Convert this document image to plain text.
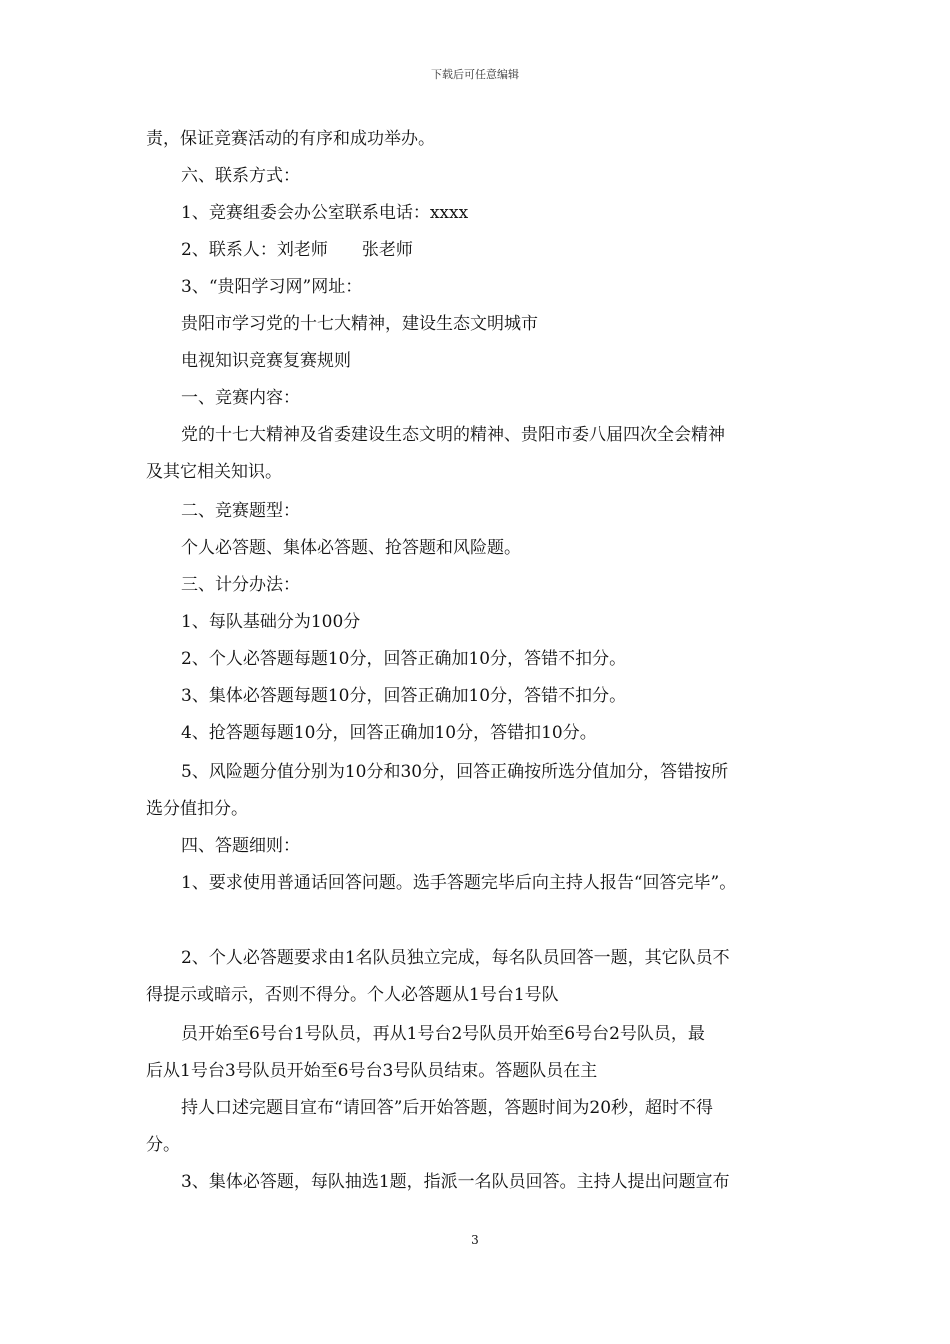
下载后可任意编辑
责，保证竞赛活动的有序和成功举办。
六、联系方式：
1、竞赛组委会办公室联系电话：xxxx
2、联系人：刘老师　　张老师
3、“贵阳学习网”网址：
贵阳市学习党的十七大精神，建设生态文明城市
电视知识竞赛复赛规则
一、竞赛内容：
党的十七大精神及省委建设生态文明的精神、贵阳市委八届四次全会精神
及其它相关知识。
二、竞赛题型：
个人必答题、集体必答题、抢答题和风险题。
三、计分办法：
1、每队基础分为100分
2、个人必答题每题10分，回答正确加10分，答错不扣分。
3、集体必答题每题10分，回答正确加10分，答错不扣分。
4、抢答题每题10分，回答正确加10分，答错扣10分。
5、风险题分值分别为10分和30分，回答正确按所选分值加分，答错按所
选分值扣分。
四、答题细则：
1、要求使用普通话回答问题。选手答题完毕后向主持人报告“回答完毕”。
2、个人必答题要求由1名队员独立完成，每名队员回答一题，其它队员不
得提示或暗示，否则不得分。个人必答题从1号台1号队
员开始至6号台1号队员，再从1号台2号队员开始至6号台2号队员，最
后从1号台3号队员开始至6号台3号队员结束。答题队员在主
持人口述完题目宣布“请回答”后开始答题，答题时间为20秒，超时不得
分。
3、集体必答题，每队抽选1题，指派一名队员回答。主持人提出问题宣布
3
